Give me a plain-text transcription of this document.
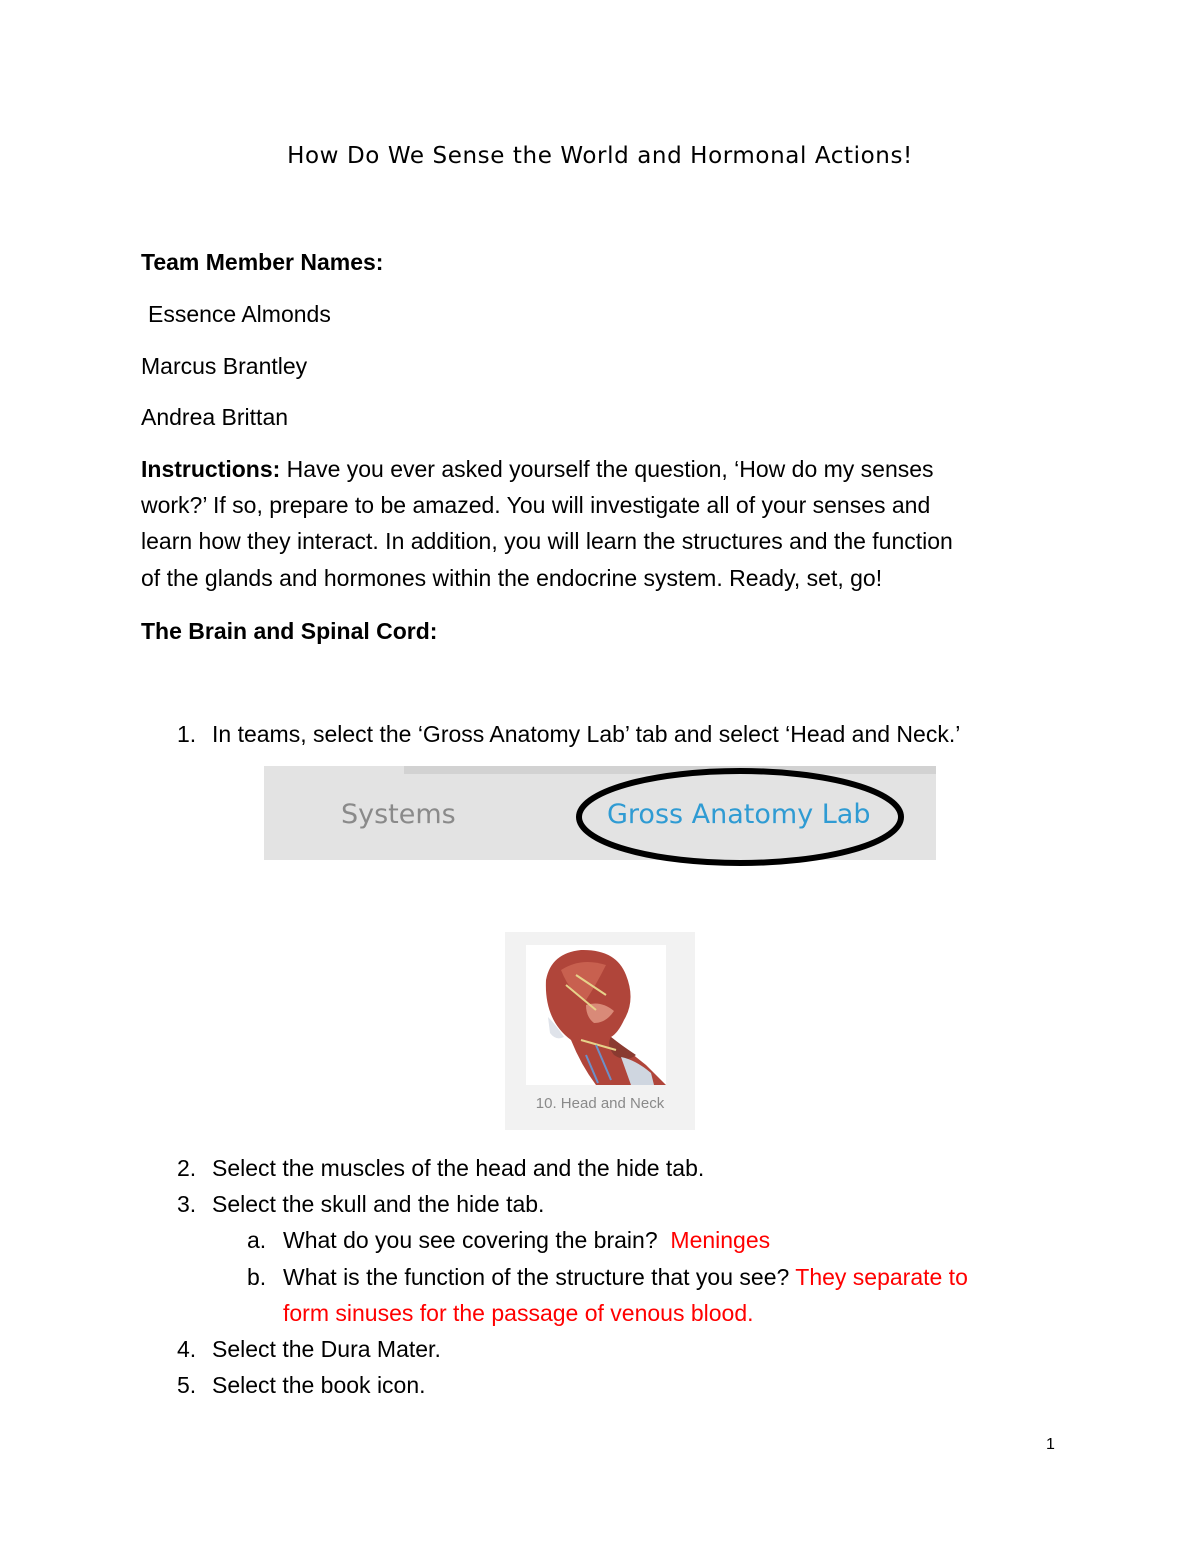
How Do We Sense the World and Hormonal Actions!
Team Member Names:
Essence Almonds
Marcus Brantley
Andrea Brittan
Instructions: Have you ever asked yourself the question, ‘How do my senses
work?’ If so, prepare to be amazed. You will investigate all of your senses and
learn how they interact. In addition, you will learn the structures and the function
of the glands and hormones within the endocrine system. Ready, set, go!
The Brain and Spinal Cord:
1. In teams, select the ‘Gross Anatomy Lab’ tab and select ‘Head and Neck.’
Systems	Gross Anatomy Lab
10. Head and Neck
2. Select the muscles of the head and the hide tab.
3. Select the skull and the hide tab.
a. What do you see covering the brain? Meninges
b. What is the function of the structure that you see? They separate to
form sinuses for the passage of venous blood.
4. Select the Dura Mater.
5. Select the book icon.
1
